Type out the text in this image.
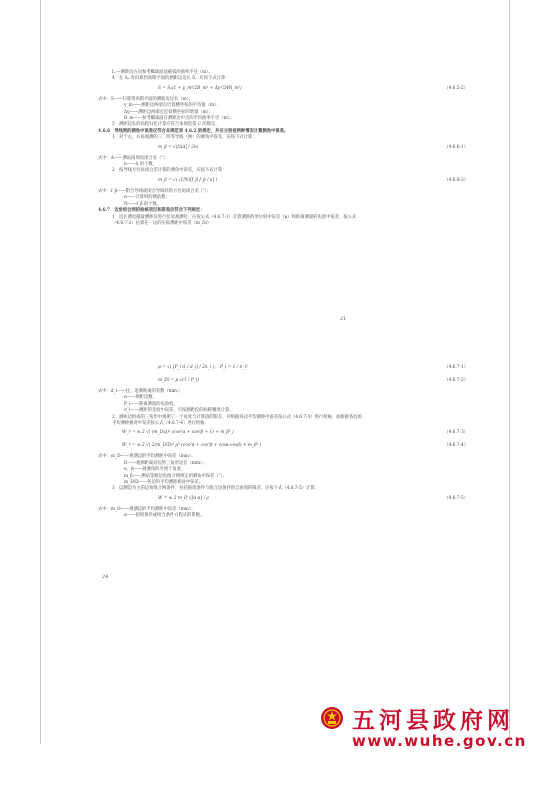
L —测距边方向参考椭球面法截弧的曲率半径（m）。

4　在 Sₑ 再归算到高斯平面的测距边边长 S，应按下式计算：

S = Sₑ(1 + y_m²/2R_m² + Δy²/24R_m²)	（4.6.5-2）

式中：S——归算到高斯平面的测距边边长（m）；

y_m——测距边两端点近似横坐标的平均值（m）；

Δy——测距边两端点近似横坐标的增量（m）；

R_m——参考椭球面在测距边中点的平均曲率半径（m）。

5　测距边长的高程归化计算应符合本规范第 C 的规定。

4.6.6　导线网的测角中误差应符合本规范表 4.6.2 的规定，并应分别按两种情况计算测角中误差。

1　对于左、右角观测的三、四等导线（网）的测角中误差，应按下式计算：

m_β = √([ΔΔ] / 2n)	（4.6.6-1）

式中：Δ——测站圆周角闭合差（″）；

n——Δ 的个数。

2　按导线方位角闭合差计算的测角中误差，应按下式计算：

m_β = √( (1/N)[f_β f_β / n] )	（4.6.6-2）

式中：f_β——附合导线或闭合导线环的方位角闭合差（″）；

n——计算时的测站数；

N——f_β 的个数。

4.6.7　边角组合网的检核项目和限差应符合下列规定：

1　边长测电磁波测距仪进行往返观测时，应按公式（4.6.7-1）计算测距的单位权中误差（μ）和距离测量的先验中误差；按公式（4.6.7-2）估算任一边的实际测距中误差（m_Di）：

21
μ = √( [P_i d_i d_i] / 2n_i );　P_i = 1 / σ_i²	（4.6.7-1）
m_Di = μ √(1 / P_i)	（4.6.7-2）

式中：d_i——往、返测距离的差数（mm）；

n——测距边数；

P_i——距离测量的先验权；

σ_i——测距的先验中误差，可按测距仪的标称精度计算。

2　测距边组成的三角形中观测了一个角度与计算值的限差，可根据各边平均测距中误差按公式（4.6.7-3）进行检核；或根据各边的平均测距相对中误差按公式（4.6.7-4）进行检核：

W_r = ± 2 √( (m_D/ρ)² (cos²α + cos²β + 1) + m_β² )	（4.6.7-3）
W_r = ± 2 √( 2(m_D/D)² ρ² (cos²α + cos²β + cosα·cosβ) + m_β² )	（4.6.7-4）

式中：m_D——观测边的平均测距中误差（mm）；

D——观测距离对边的三角形边长（mm）；

α、β——观测角的另两个角度；

m_β——测站等级边角组合网规定的测角中误差（″）；

m_D/D——各边的平均测距相对中误差。

3　以测边为主的边角组合网条件，包括圆周条件与组合边条件的自由项的限差，应按下式（4.6.7-5）计算：

W = ± 2 m_D √[α α] / ρ	（4.6.7-5）

式中：m_D——观测边的平均测距中误差（mm）；

α——圆周条件或组合条件方程式的系数。

24
五河县政府网
www.wuhe.gov.cn
